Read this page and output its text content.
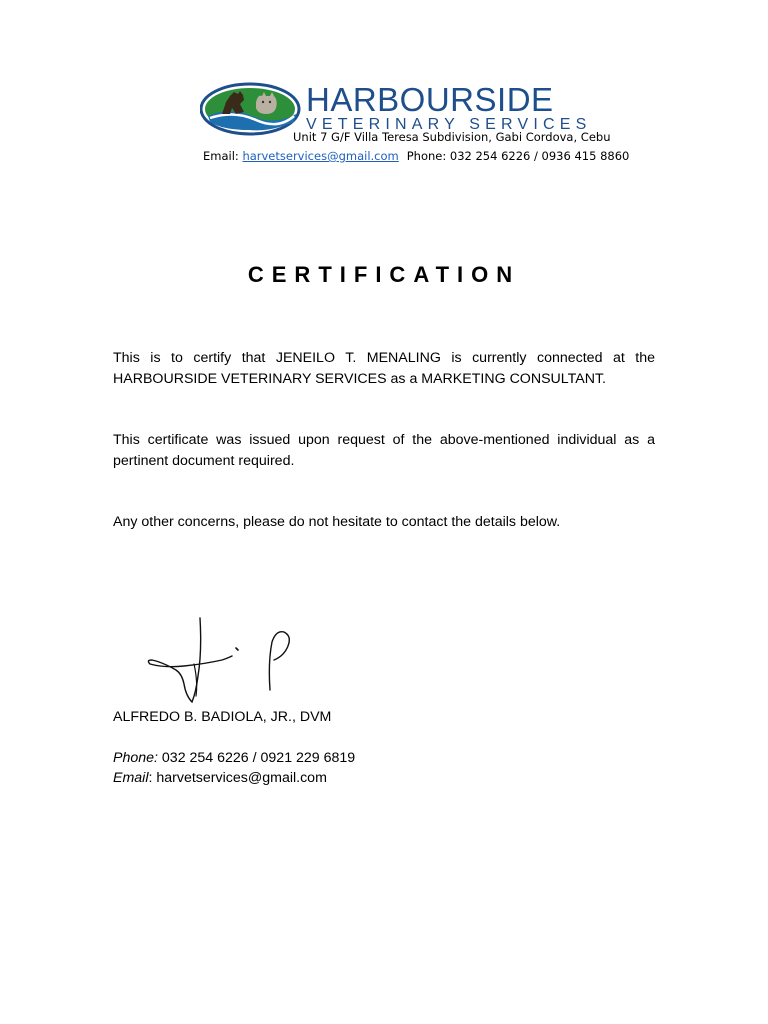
HARBOURSIDE
VETERINARY SERVICES
Unit 7 G/F Villa Teresa Subdivision, Gabi Cordova, Cebu
Email: harvetservices@gmail.com Phone: 032 254 6226 / 0936 415 8860
CERTIFICATION

This is to certify that JENEILO T. MENALING is currently connected at the HARBOURSIDE VETERINARY SERVICES as a MARKETING CONSULTANT.

This certificate was issued upon request of the above-mentioned individual as a pertinent document required.

Any other concerns, please do not hesitate to contact the details below.

ALFREDO B. BADIOLA, JR., DVM
Phone: 032 254 6226 / 0921 229 6819
Email: harvetservices@gmail.com
